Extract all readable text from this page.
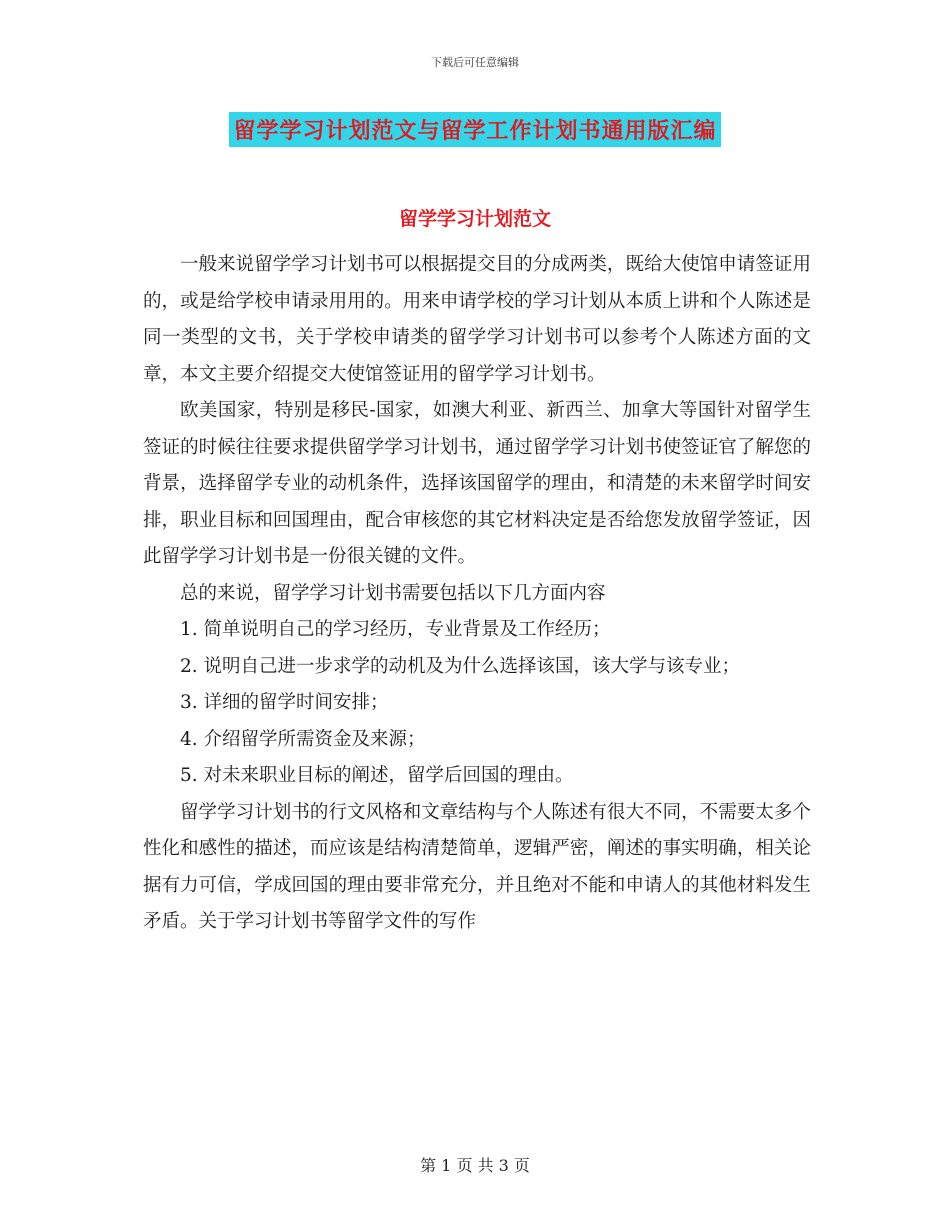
下载后可任意编辑
留学学习计划范文与留学工作计划书通用版汇编
留学学习计划范文

一般来说留学学习计划书可以根据提交目的分成两类，既给大使馆申请签证用的，或是给学校申请录用用的。用来申请学校的学习计划从本质上讲和个人陈述是同一类型的文书，关于学校申请类的留学学习计划书可以参考个人陈述方面的文章，本文主要介绍提交大使馆签证用的留学学习计划书。

欧美国家，特别是移民-国家，如澳大利亚、新西兰、加拿大等国针对留学生签证的时候往往要求提供留学学习计划书，通过留学学习计划书使签证官了解您的背景，选择留学专业的动机条件，选择该国留学的理由，和清楚的未来留学时间安排，职业目标和回国理由，配合审核您的其它材料决定是否给您发放留学签证，因此留学学习计划书是一份很关键的文件。

总的来说，留学学习计划书需要包括以下几方面内容

1. 简单说明自己的学习经历，专业背景及工作经历；

2. 说明自己进一步求学的动机及为什么选择该国，该大学与该专业；

3. 详细的留学时间安排；

4. 介绍留学所需资金及来源；

5. 对未来职业目标的阐述，留学后回国的理由。

留学学习计划书的行文风格和文章结构与个人陈述有很大不同，不需要太多个性化和感性的描述，而应该是结构清楚简单，逻辑严密，阐述的事实明确，相关论据有力可信，学成回国的理由要非常充分，并且绝对不能和申请人的其他材料发生矛盾。关于学习计划书等留学文件的写作

第 1 页 共 3 页
